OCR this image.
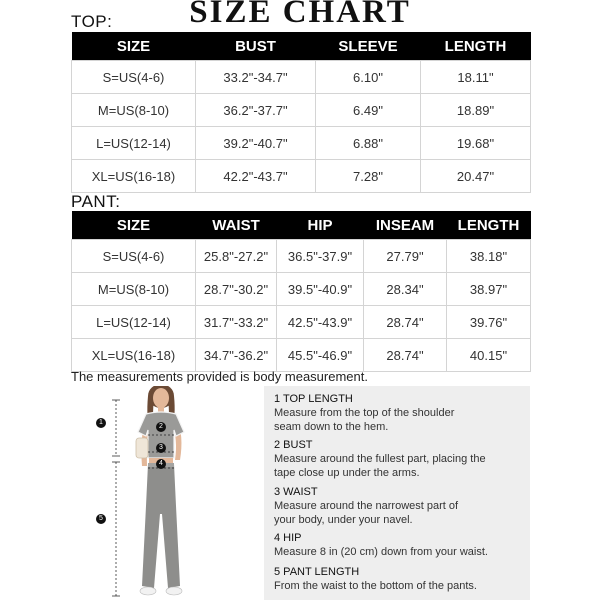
SIZE CHART
TOP:
SIZE	BUST	SLEEVE	LENGTH
S=US(4-6)	33.2"-34.7"	6.10"	18.11"
M=US(8-10)	36.2"-37.7"	6.49"	18.89"
L=US(12-14)	39.2"-40.7"	6.88"	19.68"
XL=US(16-18)	42.2"-43.7"	7.28"	20.47"
PANT:
SIZE	WAIST	HIP	INSEAM	LENGTH
S=US(4-6)	25.8"-27.2"	36.5"-37.9"	27.79"	38.18"
M=US(8-10)	28.7"-30.2"	39.5"-40.9"	28.34"	38.97"
L=US(12-14)	31.7"-33.2"	42.5"-43.9"	28.74"	39.76"
XL=US(16-18)	34.7"-36.2"	45.5"-46.9"	28.74"	40.15"
The measurements provided is body measurement.
1
2
3
4
5
1 TOP LENGTH
Measure from the top of the shoulder seam down to the hem.
2 BUST
Measure around the fullest part, placing the tape close up under the arms.
3 WAIST
Measure around the narrowest part of your body, under your navel.
4 HIP
Measure 8 in (20 cm) down from your waist.
5 PANT LENGTH
From the waist to the bottom of the pants.
